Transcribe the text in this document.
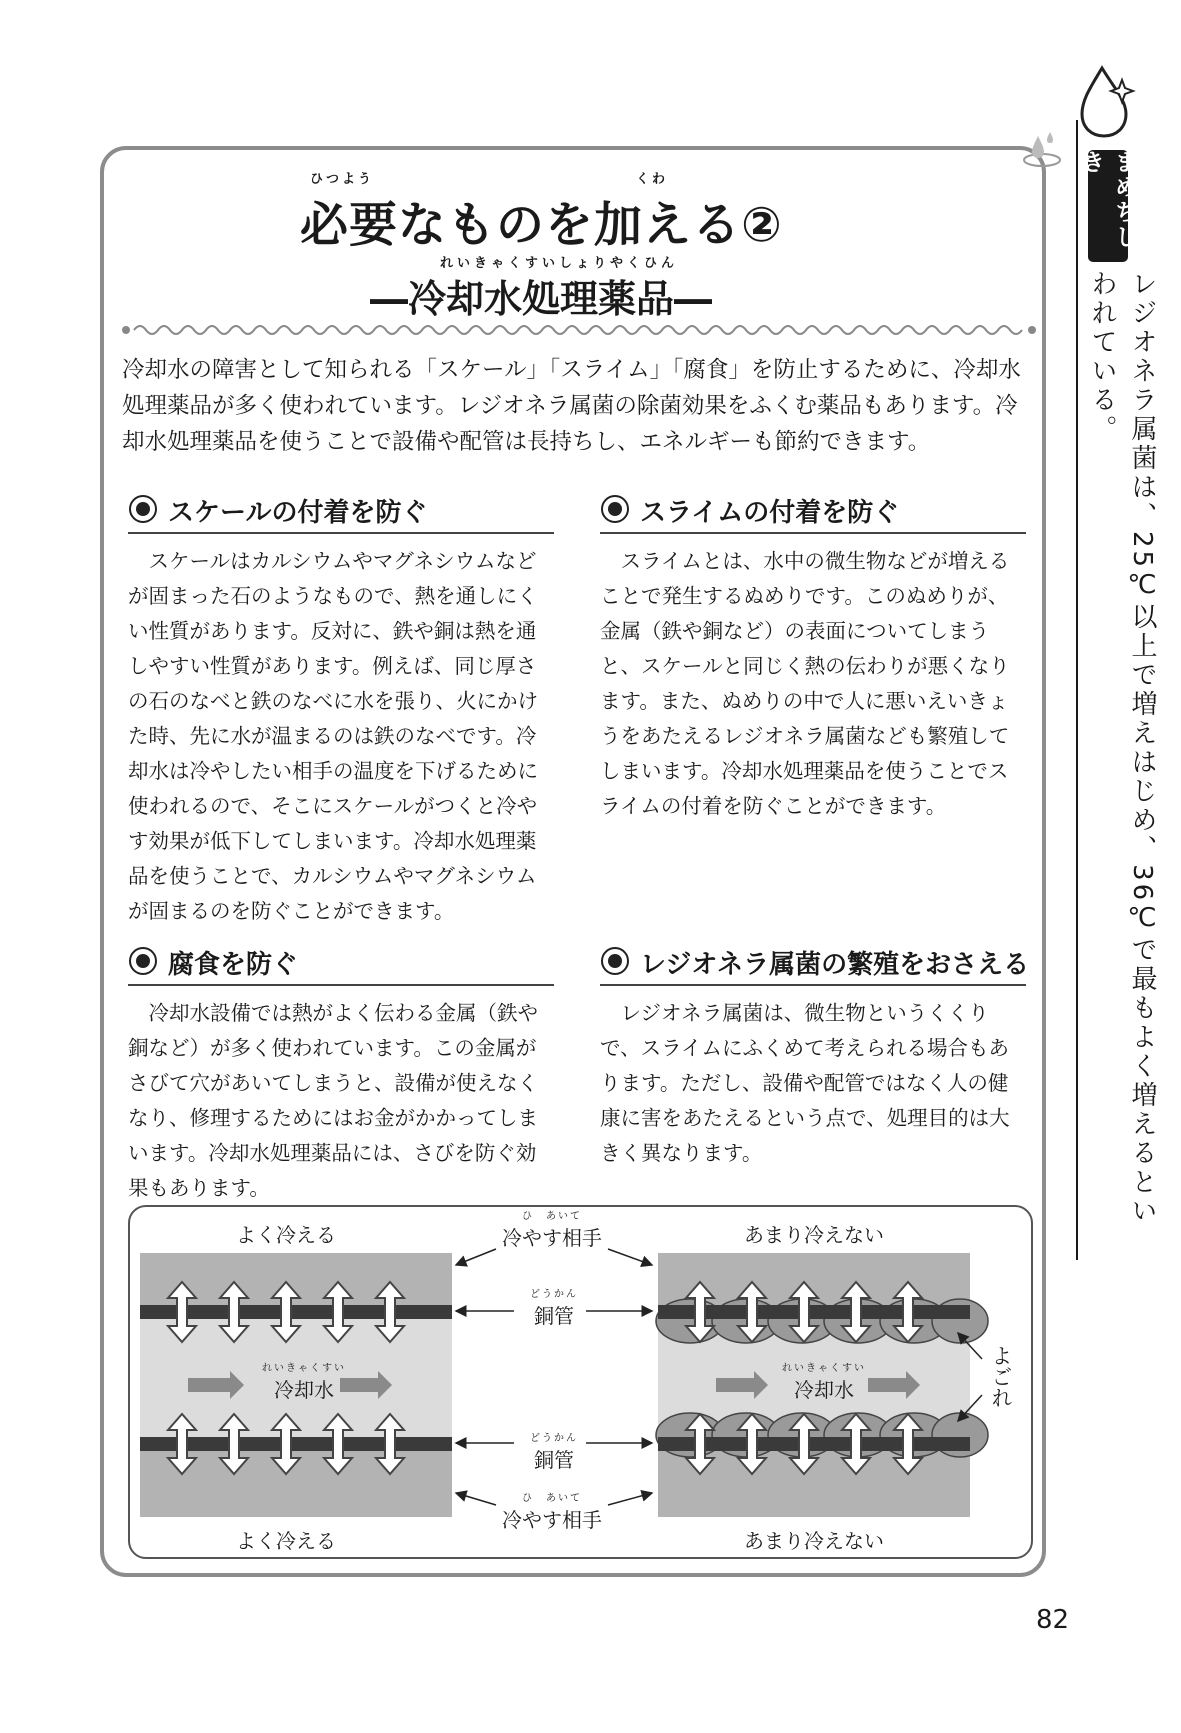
まめちしき
レジオネラ属菌は、25℃以上で増えはじめ、36℃で最もよく増えるといわれている。
ひつよう	くわ
必要なものを加える②
れいきゃくすいしょりやくひん
―冷却水処理薬品―

冷却水の障害として知られる「スケール」「スライム」「腐食」を防止するために、冷却水処理薬品が多く使われています。レジオネラ属菌の除菌効果をふくむ薬品もあります。冷却水処理薬品を使うことで設備や配管は長持ちし、エネルギーも節約できます。

スケールの付着を防ぐ

スケールはカルシウムやマグネシウムなどが固まった石のようなもので、熱を通しにくい性質があります。反対に、鉄や銅は熱を通しやすい性質があります。例えば、同じ厚さの石のなべと鉄のなべに水を張り、火にかけた時、先に水が温まるのは鉄のなべです。冷却水は冷やしたい相手の温度を下げるために使われるので、そこにスケールがつくと冷やす効果が低下してしまいます。冷却水処理薬品を使うことで、カルシウムやマグネシウムが固まるのを防ぐことができます。

スライムの付着を防ぐ

スライムとは、水中の微生物などが増えることで発生するぬめりです。このぬめりが、金属（鉄や銅など）の表面についてしまうと、スケールと同じく熱の伝わりが悪くなります。また、ぬめりの中で人に悪いえいきょうをあたえるレジオネラ属菌なども繁殖してしまいます。冷却水処理薬品を使うことでスライムの付着を防ぐことができます。

腐食を防ぐ

冷却水設備では熱がよく伝わる金属（鉄や銅など）が多く使われています。この金属がさびて穴があいてしまうと、設備が使えなくなり、修理するためにはお金がかかってしまいます。冷却水処理薬品には、さびを防ぐ効果もあります。

レジオネラ属菌の繁殖をおさえる

レジオネラ属菌は、微生物というくくりで、スライムにふくめて考えられる場合もあります。ただし、設備や配管ではなく人の健康に害をあたえるという点で、処理目的は大きく異なります。

よく冷える
よく冷える
あまり冷えない
あまり冷えない
ひ　あいて
冷やす相手
ひ　あいて
冷やす相手
どうかん
銅管
どうかん
銅管
れいきゃくすい
冷却水
れいきゃくすい
冷却水	よごれ
82
